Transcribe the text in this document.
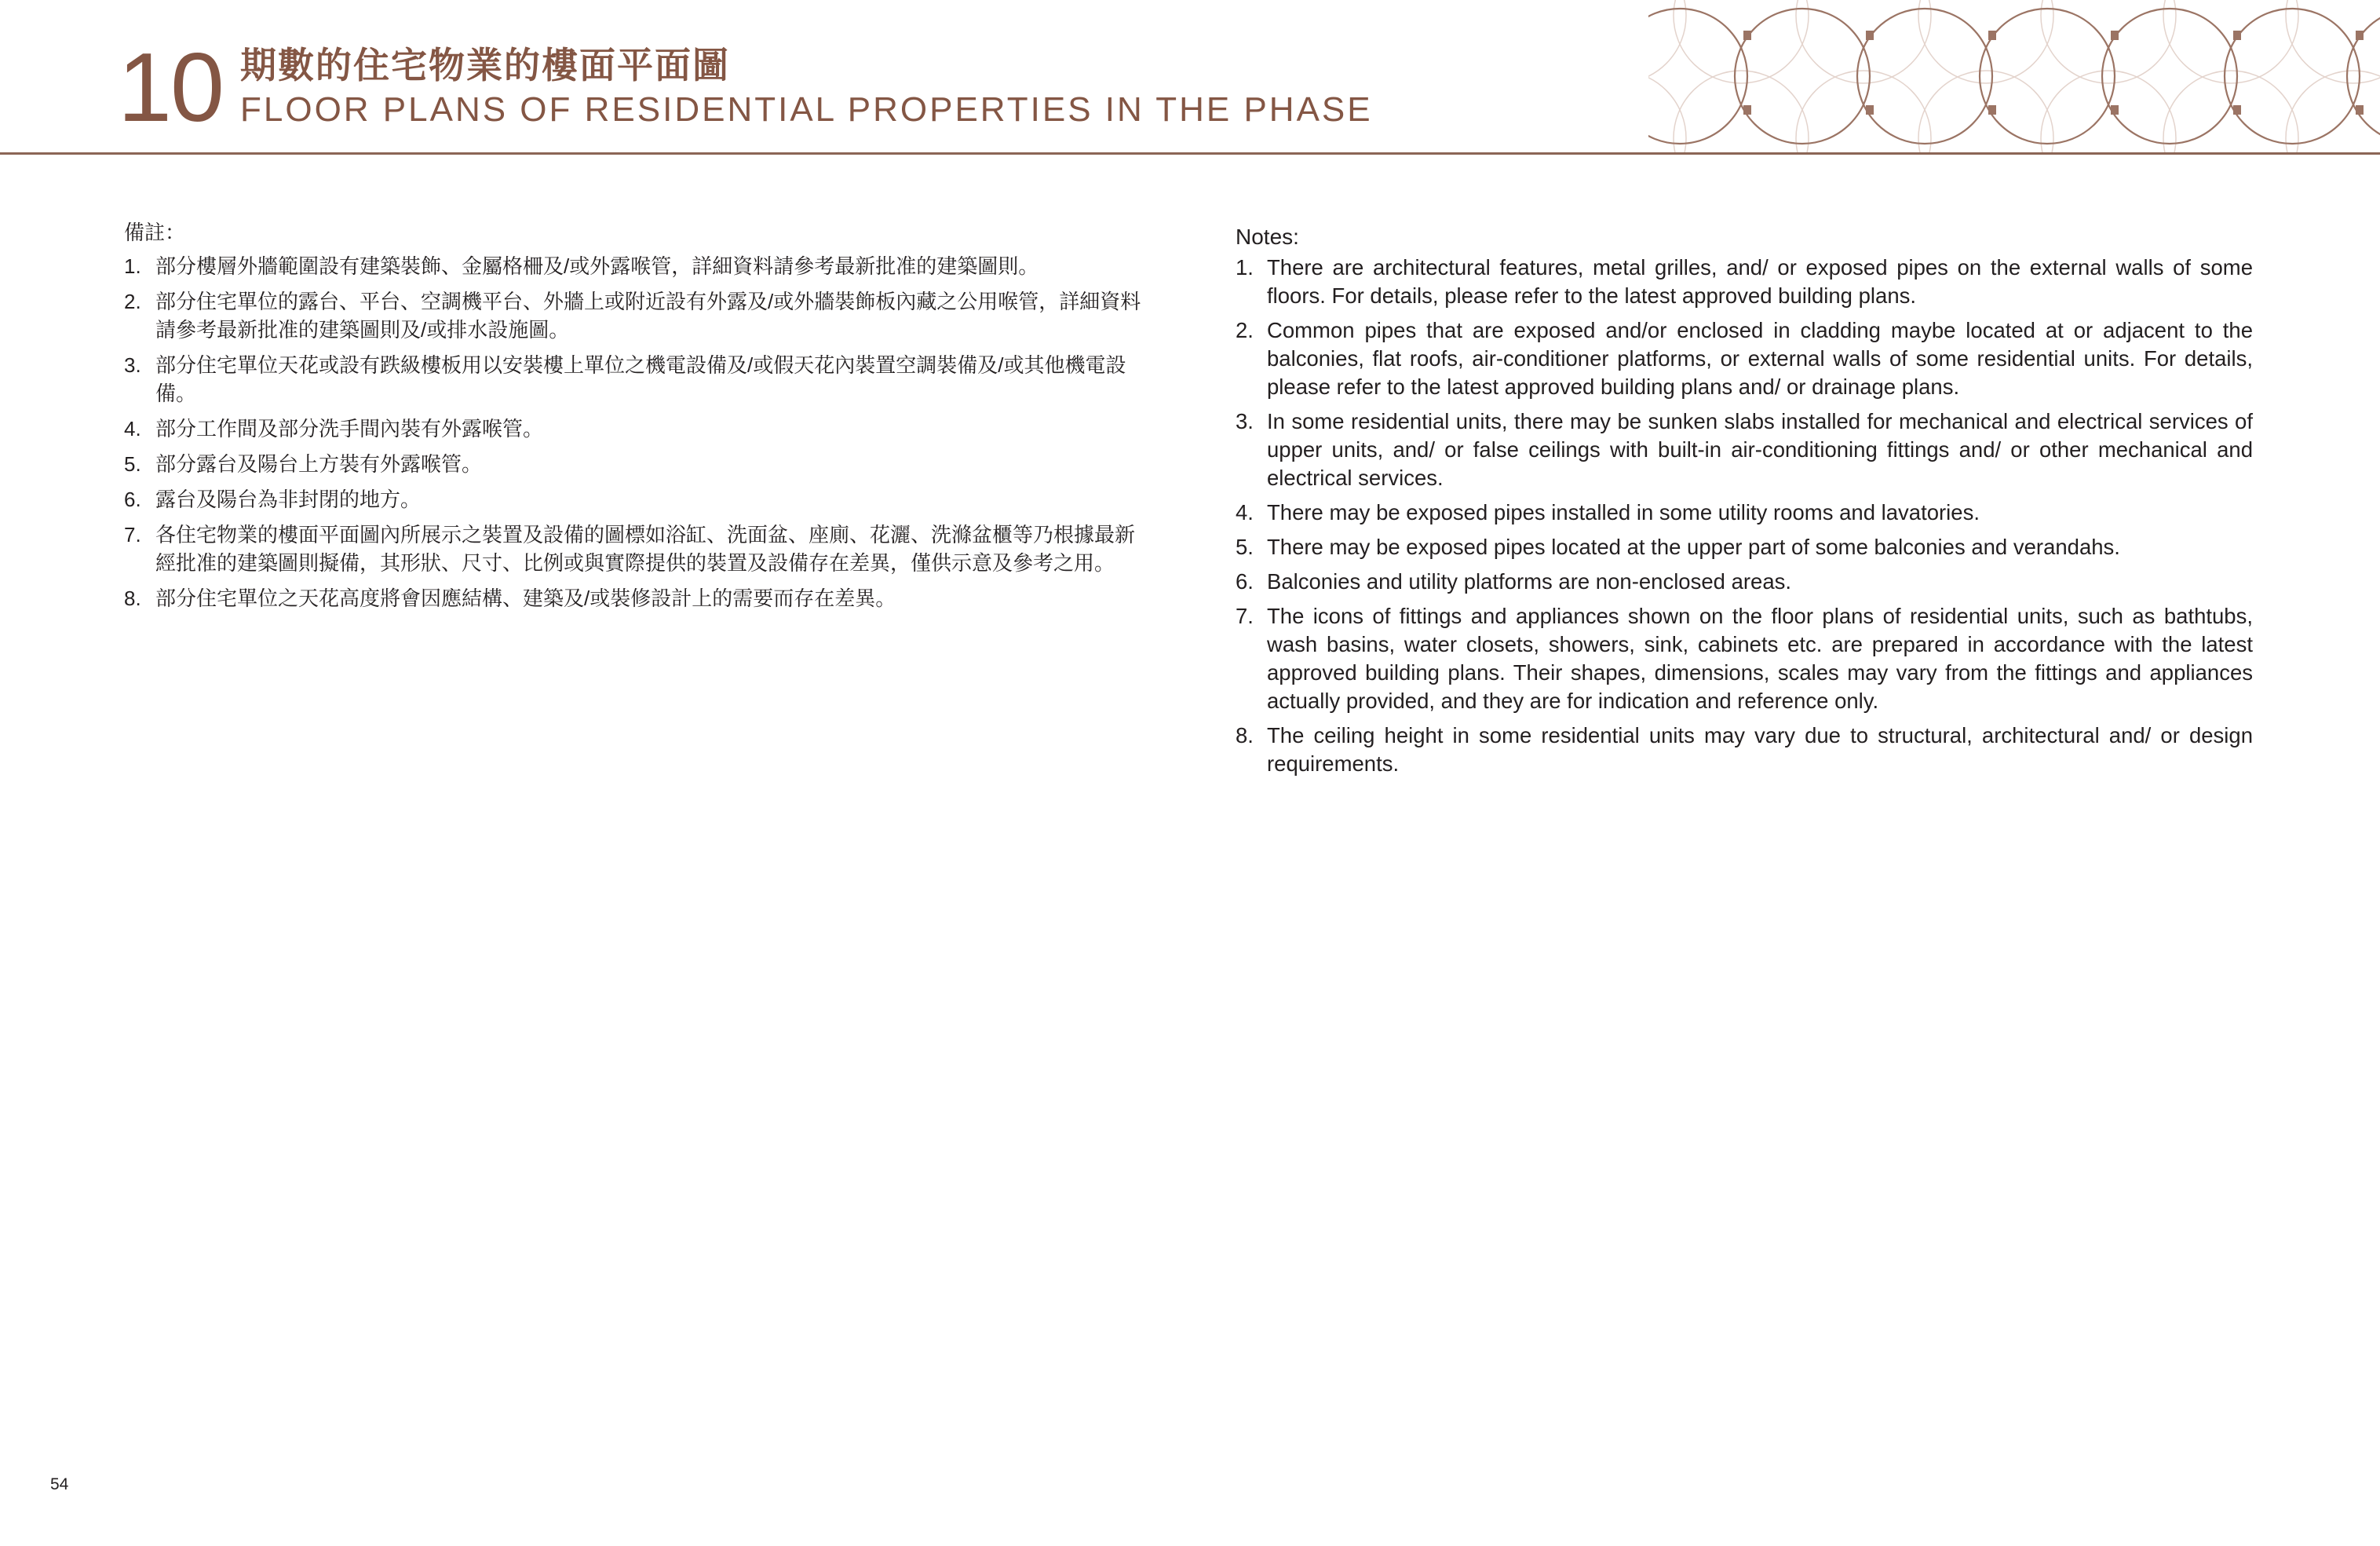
10 期數的住宅物業的樓面平面圖
FLOOR PLANS OF RESIDENTIAL PROPERTIES IN THE PHASE
備註：
1. 部分樓層外牆範圍設有建築裝飾、金屬格柵及/或外露喉管，詳細資料請參考最新批准的建築圖則。
2. 部分住宅單位的露台、平台、空調機平台、外牆上或附近設有外露及/或外牆裝飾板內藏之公用喉管，詳細資料請參考最新批准的建築圖則及/或排水設施圖。
3. 部分住宅單位天花或設有跌級樓板用以安裝樓上單位之機電設備及/或假天花內裝置空調裝備及/或其他機電設備。
4. 部分工作間及部分洗手間內裝有外露喉管。
5. 部分露台及陽台上方裝有外露喉管。
6. 露台及陽台為非封閉的地方。
7. 各住宅物業的樓面平面圖內所展示之裝置及設備的圖標如浴缸、洗面盆、座廁、花灑、洗滌盆櫃等乃根據最新經批准的建築圖則擬備，其形狀、尺寸、比例或與實際提供的裝置及設備存在差異，僅供示意及參考之用。
8. 部分住宅單位之天花高度將會因應結構、建築及/或裝修設計上的需要而存在差異。
Notes:
1. There are architectural features, metal grilles, and/ or exposed pipes on the external walls of some floors. For details, please refer to the latest approved building plans.
2. Common pipes that are exposed and/or enclosed in cladding maybe located at or adjacent to the balconies, flat roofs, air-conditioner platforms, or external walls of some residential units. For details, please refer to the latest approved building plans and/ or drainage plans.
3. In some residential units, there may be sunken slabs installed for mechanical and electrical services of upper units, and/ or false ceilings with built-in air-conditioning fittings and/ or other mechanical and electrical services.
4. There may be exposed pipes installed in some utility rooms and lavatories.
5. There may be exposed pipes located at the upper part of some balconies and verandahs.
6. Balconies and utility platforms are non-enclosed areas.
7. The icons of fittings and appliances shown on the floor plans of residential units, such as bathtubs, wash basins, water closets, showers, sink, cabinets etc. are prepared in accordance with the latest approved building plans. Their shapes, dimensions, scales may vary from the fittings and appliances actually provided, and they are for indication and reference only.
8. The ceiling height in some residential units may vary due to structural, architectural and/ or design requirements.
54
